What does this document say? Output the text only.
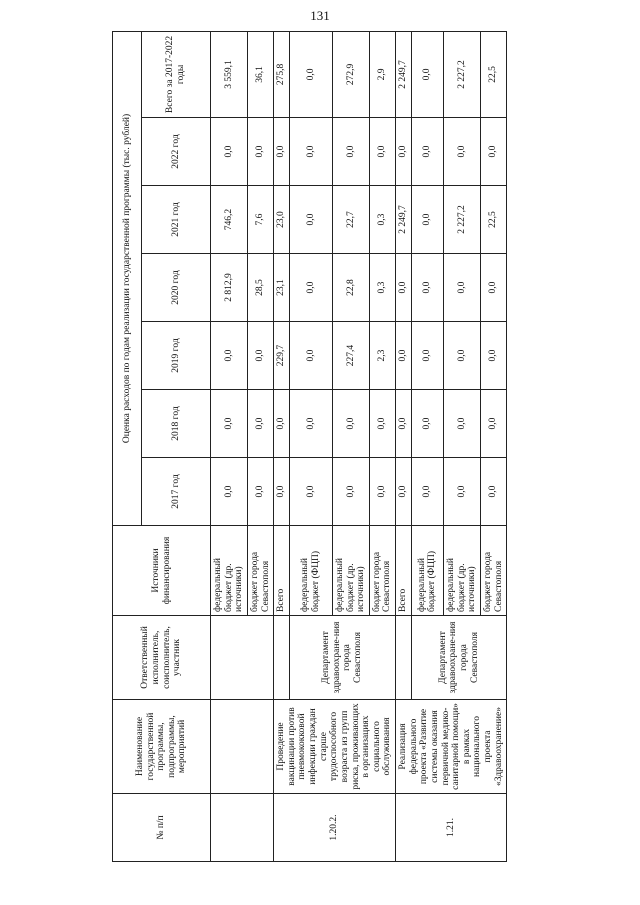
131
№ п/п	Наименование государственной программы, подпрограммы, мероприятий	Ответственный исполнитель, соисполнитель, участник	Источники финансирования	Оценка расходов по годам реализации государственной программы (тыс. рублей)						
				2017 год	2018 год	2019 год	2020 год	2021 год	2022 год	Всего за 2017-2022 годы
			федеральный бюджет (др. источники)	0,0	0,0	0,0	2 812,9	746,2	0,0	3 559,1
			бюджет города Севастополя	0,0	0,0	0,0	28,5	7,6	0,0	36,1
1.20.2.	Проведение вакцинации против пневмококковой инфекции граждан старше трудоспособного возраста из групп риска, проживающих в организациях социального обслуживания		Всего	0,0	0,0	229,7	23,1	23,0	0,0	275,8
		Департамент здравоохране-ния города Севастополя	федеральный бюджет (ФЦП)	0,0	0,0	0,0	0,0	0,0	0,0	0,0
			федеральный бюджет (др. источники)	0,0	0,0	227,4	22,8	22,7	0,0	272,9
			бюджет города Севастополя	0,0	0,0	2,3	0,3	0,3	0,0	2,9
1.21.	Реализация федерального проекта «Развитие системы оказания первичной медико-санитарной помощи» в рамках национального проекта «Здравоохранение»		Всего	0,0	0,0	0,0	0,0	2 249,7	0,0	2 249,7
		Департамент здравоохране-ния города Севастополя	федеральный бюджет (ФЦП)	0,0	0,0	0,0	0,0	0,0	0,0	0,0
			федеральный бюджет (др. источники)	0,0	0,0	0,0	0,0	2 227,2	0,0	2 227,2
			бюджет города Севастополя	0,0	0,0	0,0	0,0	22,5	0,0	22,5
